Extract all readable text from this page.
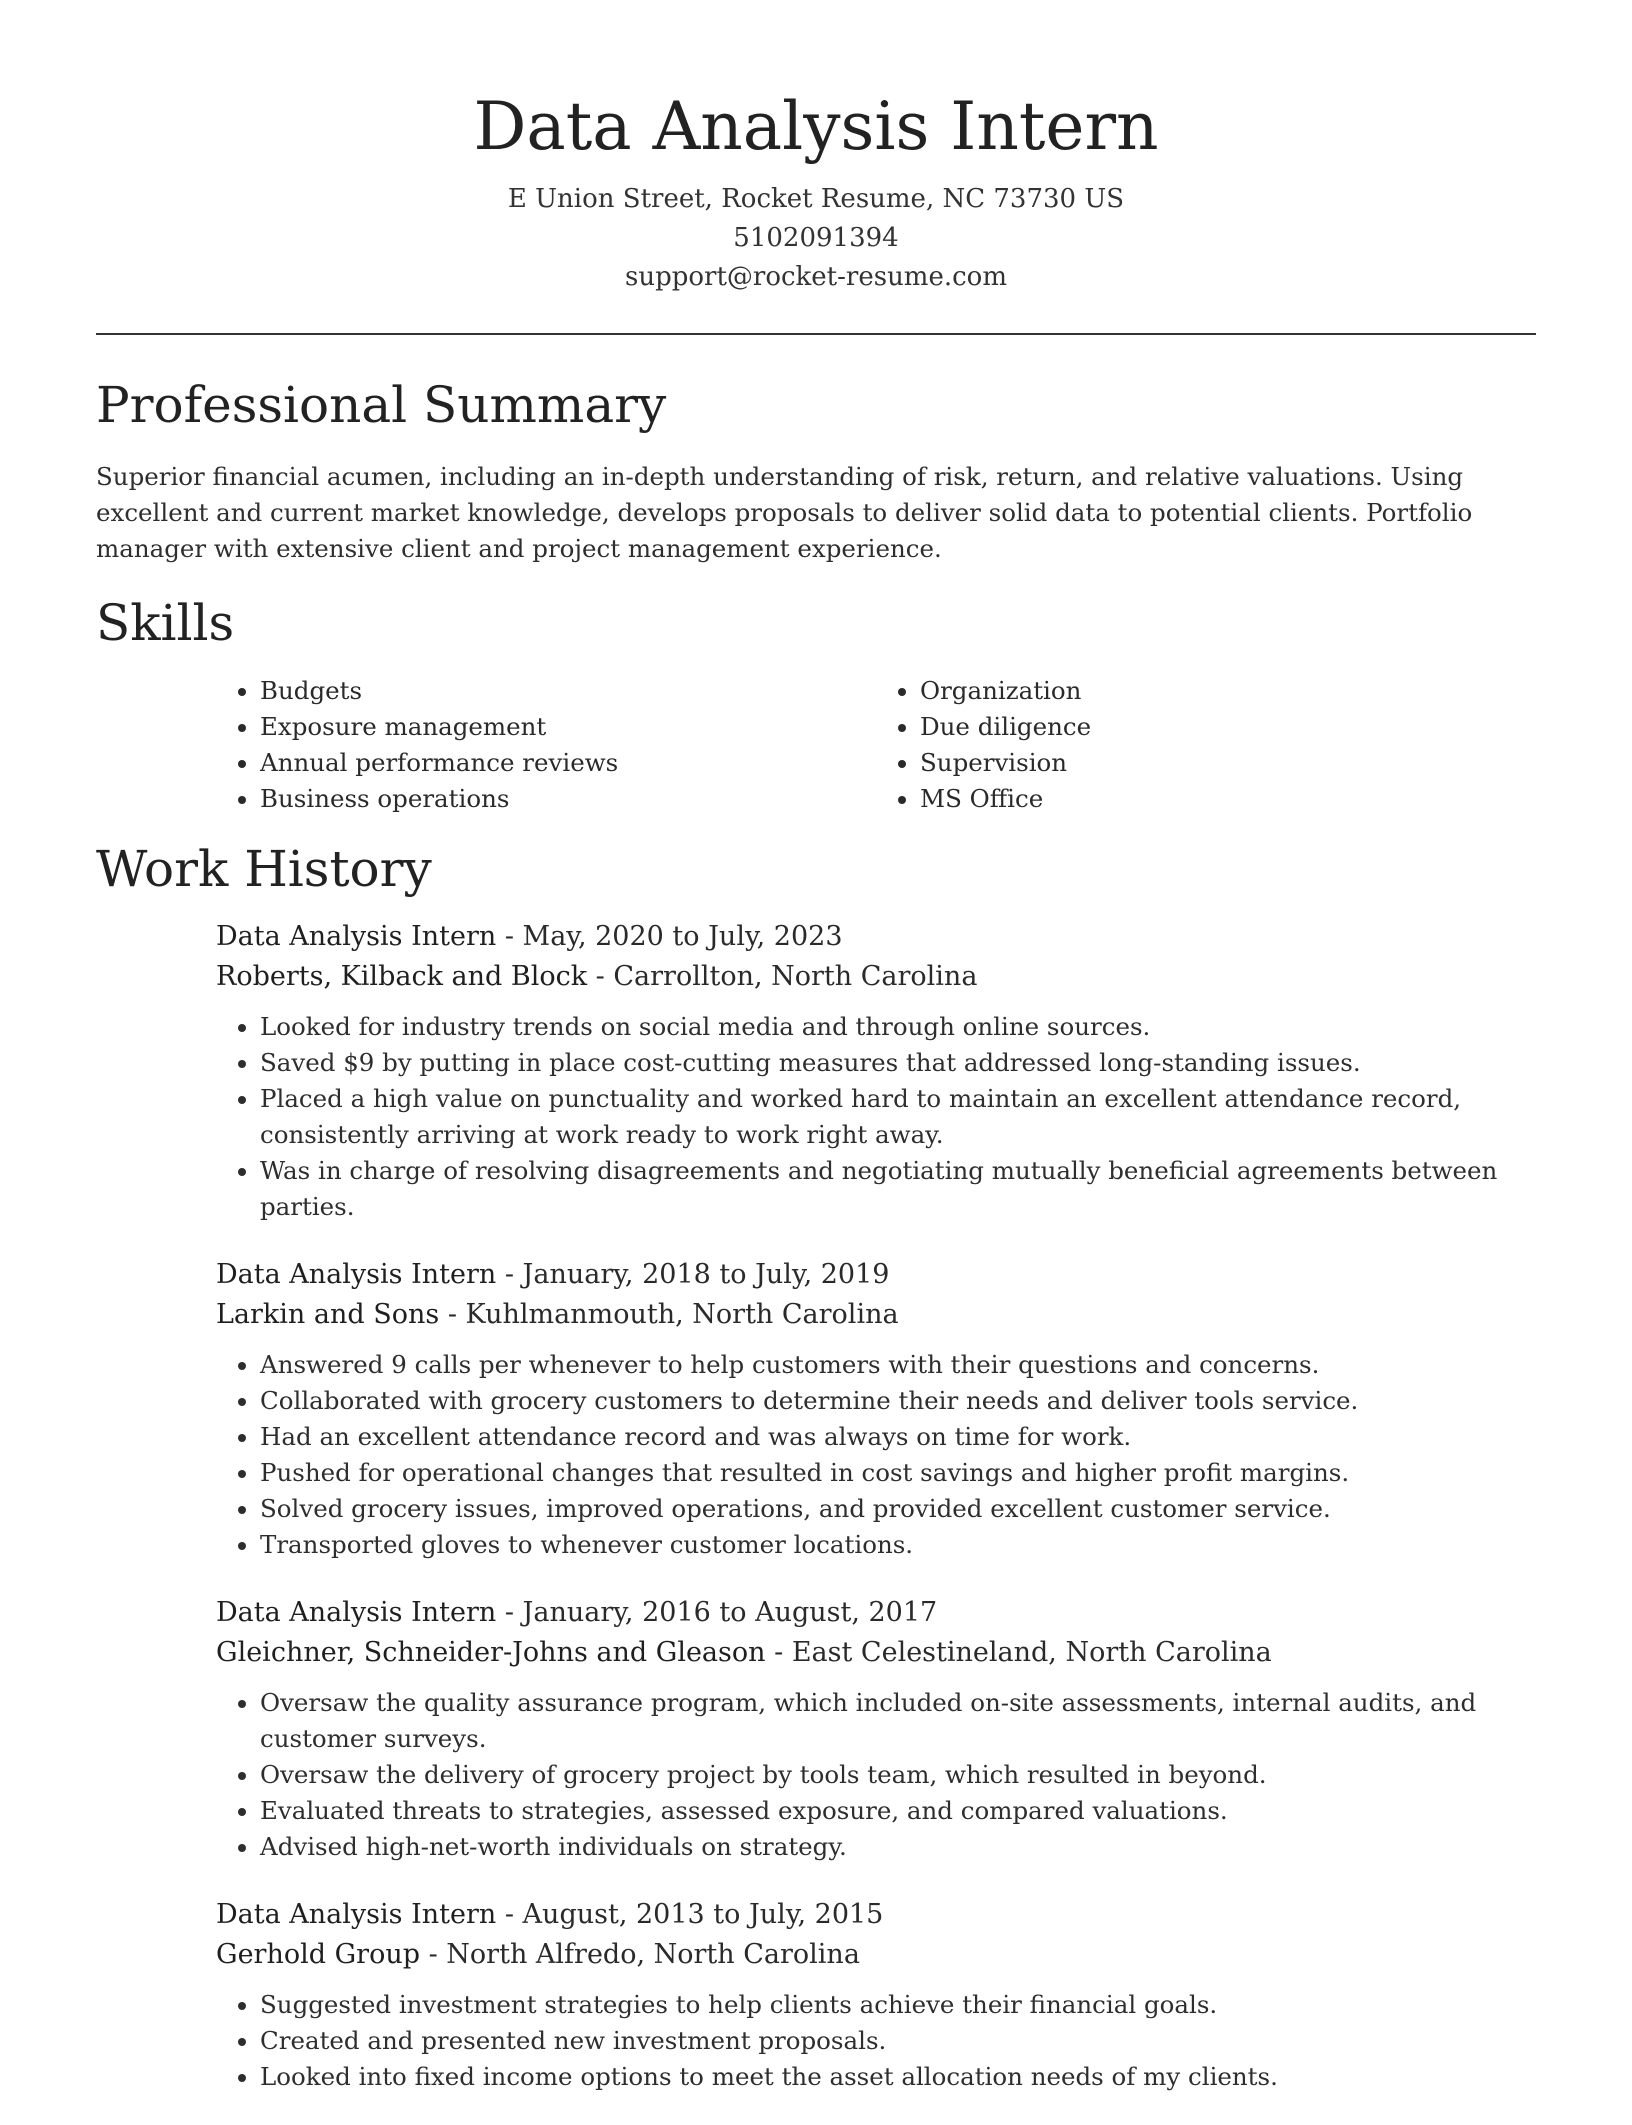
Data Analysis Intern
E Union Street, Rocket Resume, NC 73730 US
5102091394
support@rocket-resume.com
Professional Summary

Superior financial acumen, including an in-depth understanding of risk, return, and relative valuations. Using excellent and current market knowledge, develops proposals to deliver solid data to potential clients. Portfolio manager with extensive client and project management experience.

Skills
• Budgets
• Exposure management
• Annual performance reviews
• Business operations
• Organization
• Due diligence
• Supervision
• MS Office
Work History
Data Analysis Intern - May, 2020 to July, 2023
Roberts, Kilback and Block - Carrollton, North Carolina
• Looked for industry trends on social media and through online sources.
• Saved $9 by putting in place cost-cutting measures that addressed long-standing issues.
• Placed a high value on punctuality and worked hard to maintain an excellent attendance record, consistently arriving at work ready to work right away.
• Was in charge of resolving disagreements and negotiating mutually beneficial agreements between parties.
Data Analysis Intern - January, 2018 to July, 2019
Larkin and Sons - Kuhlmanmouth, North Carolina
• Answered 9 calls per whenever to help customers with their questions and concerns.
• Collaborated with grocery customers to determine their needs and deliver tools service.
• Had an excellent attendance record and was always on time for work.
• Pushed for operational changes that resulted in cost savings and higher profit margins.
• Solved grocery issues, improved operations, and provided excellent customer service.
• Transported gloves to whenever customer locations.
Data Analysis Intern - January, 2016 to August, 2017
Gleichner, Schneider-Johns and Gleason - East Celestineland, North Carolina
• Oversaw the quality assurance program, which included on-site assessments, internal audits, and customer surveys.
• Oversaw the delivery of grocery project by tools team, which resulted in beyond.
• Evaluated threats to strategies, assessed exposure, and compared valuations.
• Advised high-net-worth individuals on strategy.
Data Analysis Intern - August, 2013 to July, 2015
Gerhold Group - North Alfredo, North Carolina
• Suggested investment strategies to help clients achieve their financial goals.
• Created and presented new investment proposals.
• Looked into fixed income options to meet the asset allocation needs of my clients.
